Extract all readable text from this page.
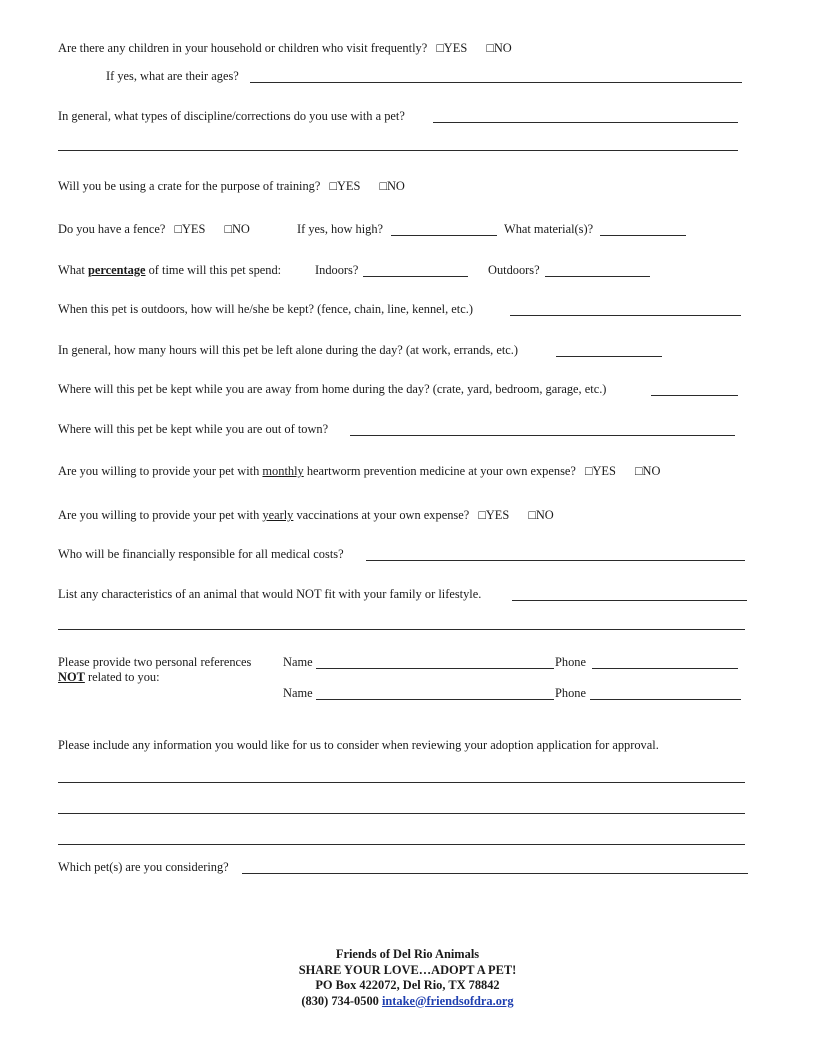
Are there any children in your household or children who visit frequently? □YES □NO
If yes, what are their ages?
In general, what types of discipline/corrections do you use with a pet?
Will you be using a crate for the purpose of training? □YES □NO
Do you have a fence? □YES □NO	If yes, how high?	What material(s)?
What percentage of time will this pet spend:	Indoors?	Outdoors?
When this pet is outdoors, how will he/she be kept? (fence, chain, line, kennel, etc.)
In general, how many hours will this pet be left alone during the day? (at work, errands, etc.)
Where will this pet be kept while you are away from home during the day? (crate, yard, bedroom, garage, etc.)
Where will this pet be kept while you are out of town?
Are you willing to provide your pet with monthly heartworm prevention medicine at your own expense? □YES □NO
Are you willing to provide your pet with yearly vaccinations at your own expense? □YES □NO
Who will be financially responsible for all medical costs?
List any characteristics of an animal that would NOT fit with your family or lifestyle.
Please provide two personal references
NOT related to you:
Name	Phone
Name	Phone
Please include any information you would like for us to consider when reviewing your adoption application for approval.
Which pet(s) are you considering?
Friends of Del Rio Animals
SHARE YOUR LOVE…ADOPT A PET!
PO Box 422072, Del Rio, TX 78842
(830) 734-0500 intake@friendsofdra.org
